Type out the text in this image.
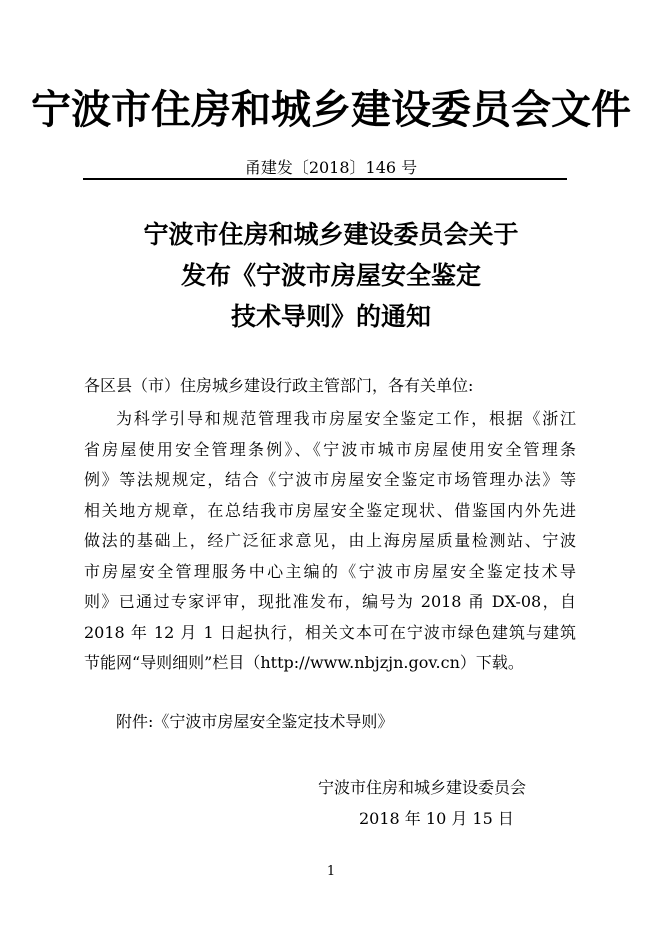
宁波市住房和城乡建设委员会文件
甬建发〔2018〕146 号
宁波市住房和城乡建设委员会关于
发布《宁波市房屋安全鉴定
技术导则》的通知
各区县（市）住房城乡建设行政主管部门，各有关单位:
为科学引导和规范管理我市房屋安全鉴定工作，根据《浙江
省房屋使用安全管理条例》、《宁波市城市房屋使用安全管理条
例》等法规规定，结合《宁波市房屋安全鉴定市场管理办法》等
相关地方规章，在总结我市房屋安全鉴定现状、借鉴国内外先进
做法的基础上，经广泛征求意见，由上海房屋质量检测站、宁波
市房屋安全管理服务中心主编的《宁波市房屋安全鉴定技术导
则》已通过专家评审，现批准发布，编号为 2018 甬 DX-08，自
2018 年 12 月 1 日起执行，相关文本可在宁波市绿色建筑与建筑
节能网“导则细则”栏目（http://www.nbjzjn.gov.cn）下载。
附件:《宁波市房屋安全鉴定技术导则》
宁波市住房和城乡建设委员会
2018 年 10 月 15 日
1
